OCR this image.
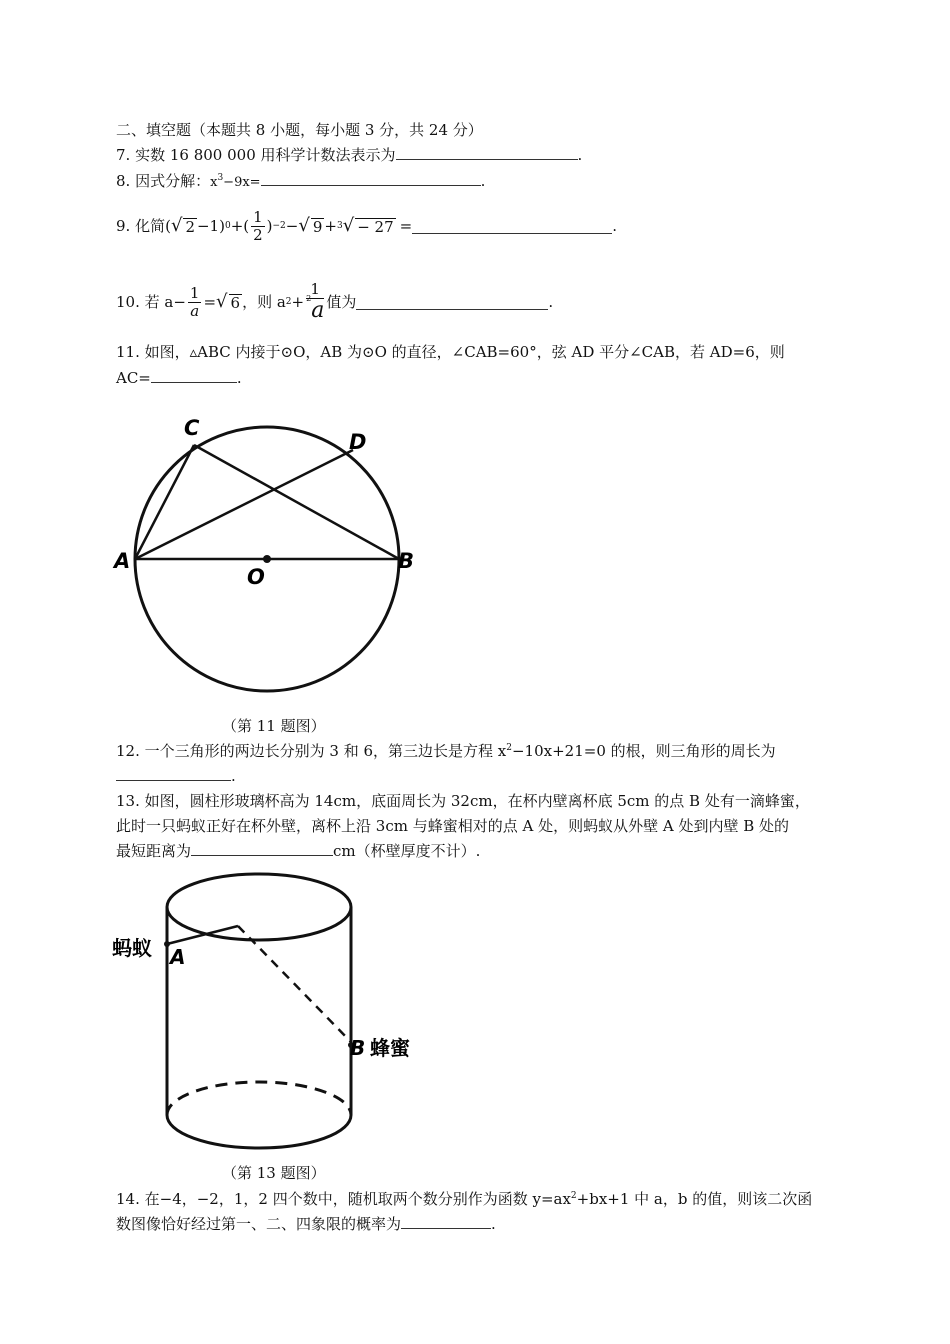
二、填空题（本题共 8 小题，每小题 3 分，共 24 分）
7. 实数 16 800 000 用科学计数法表示为	.
8. 因式分解：$x^3-9x=$	.
9. 化简 ( √ 2 −1) 0 +( $\frac{1}{2}$ ) −2 − √ 9 + 3 √ − 27 =	.
10. 若 $a- \frac{1}{a}$ = √ 6 ，则 a $2 + \frac{1}{^2a}$ 值为	.
11. 如图，▵ABC 内接于⊙O，AB 为⊙O 的直径，∠CAB=60°，弦 AD 平分∠CAB，若 AD=6，则
AC=	.
C
D
A
O
B
（第 11 题图）
12. 一个三角形的两边长分别为 3 和 6，第三边长是方程 $x^2-10x+21=0$ 的根，则三角形的周长为
.
13. 如图，圆柱形玻璃杯高为 14cm，底面周长为 32cm，在杯内壁离杯底 5cm 的点 B 处有一滴蜂蜜，
此时一只蚂蚁正好在杯外壁，离杯上沿 3cm 与蜂蜜相对的点 A 处，则蚂蚁从外壁 A 处到内壁 B 处的
最短距离为	cm（杯壁厚度不计）.
蚂蚁 A
B 蜂蜜
（第 13 题图）
14. 在−4，−2，1，2 四个数中，随机取两个数分别作为函数 $y=ax^2+bx+1$ 中 a，b 的值，则该二次函
数图像恰好经过第一、二、四象限的概率为	.
